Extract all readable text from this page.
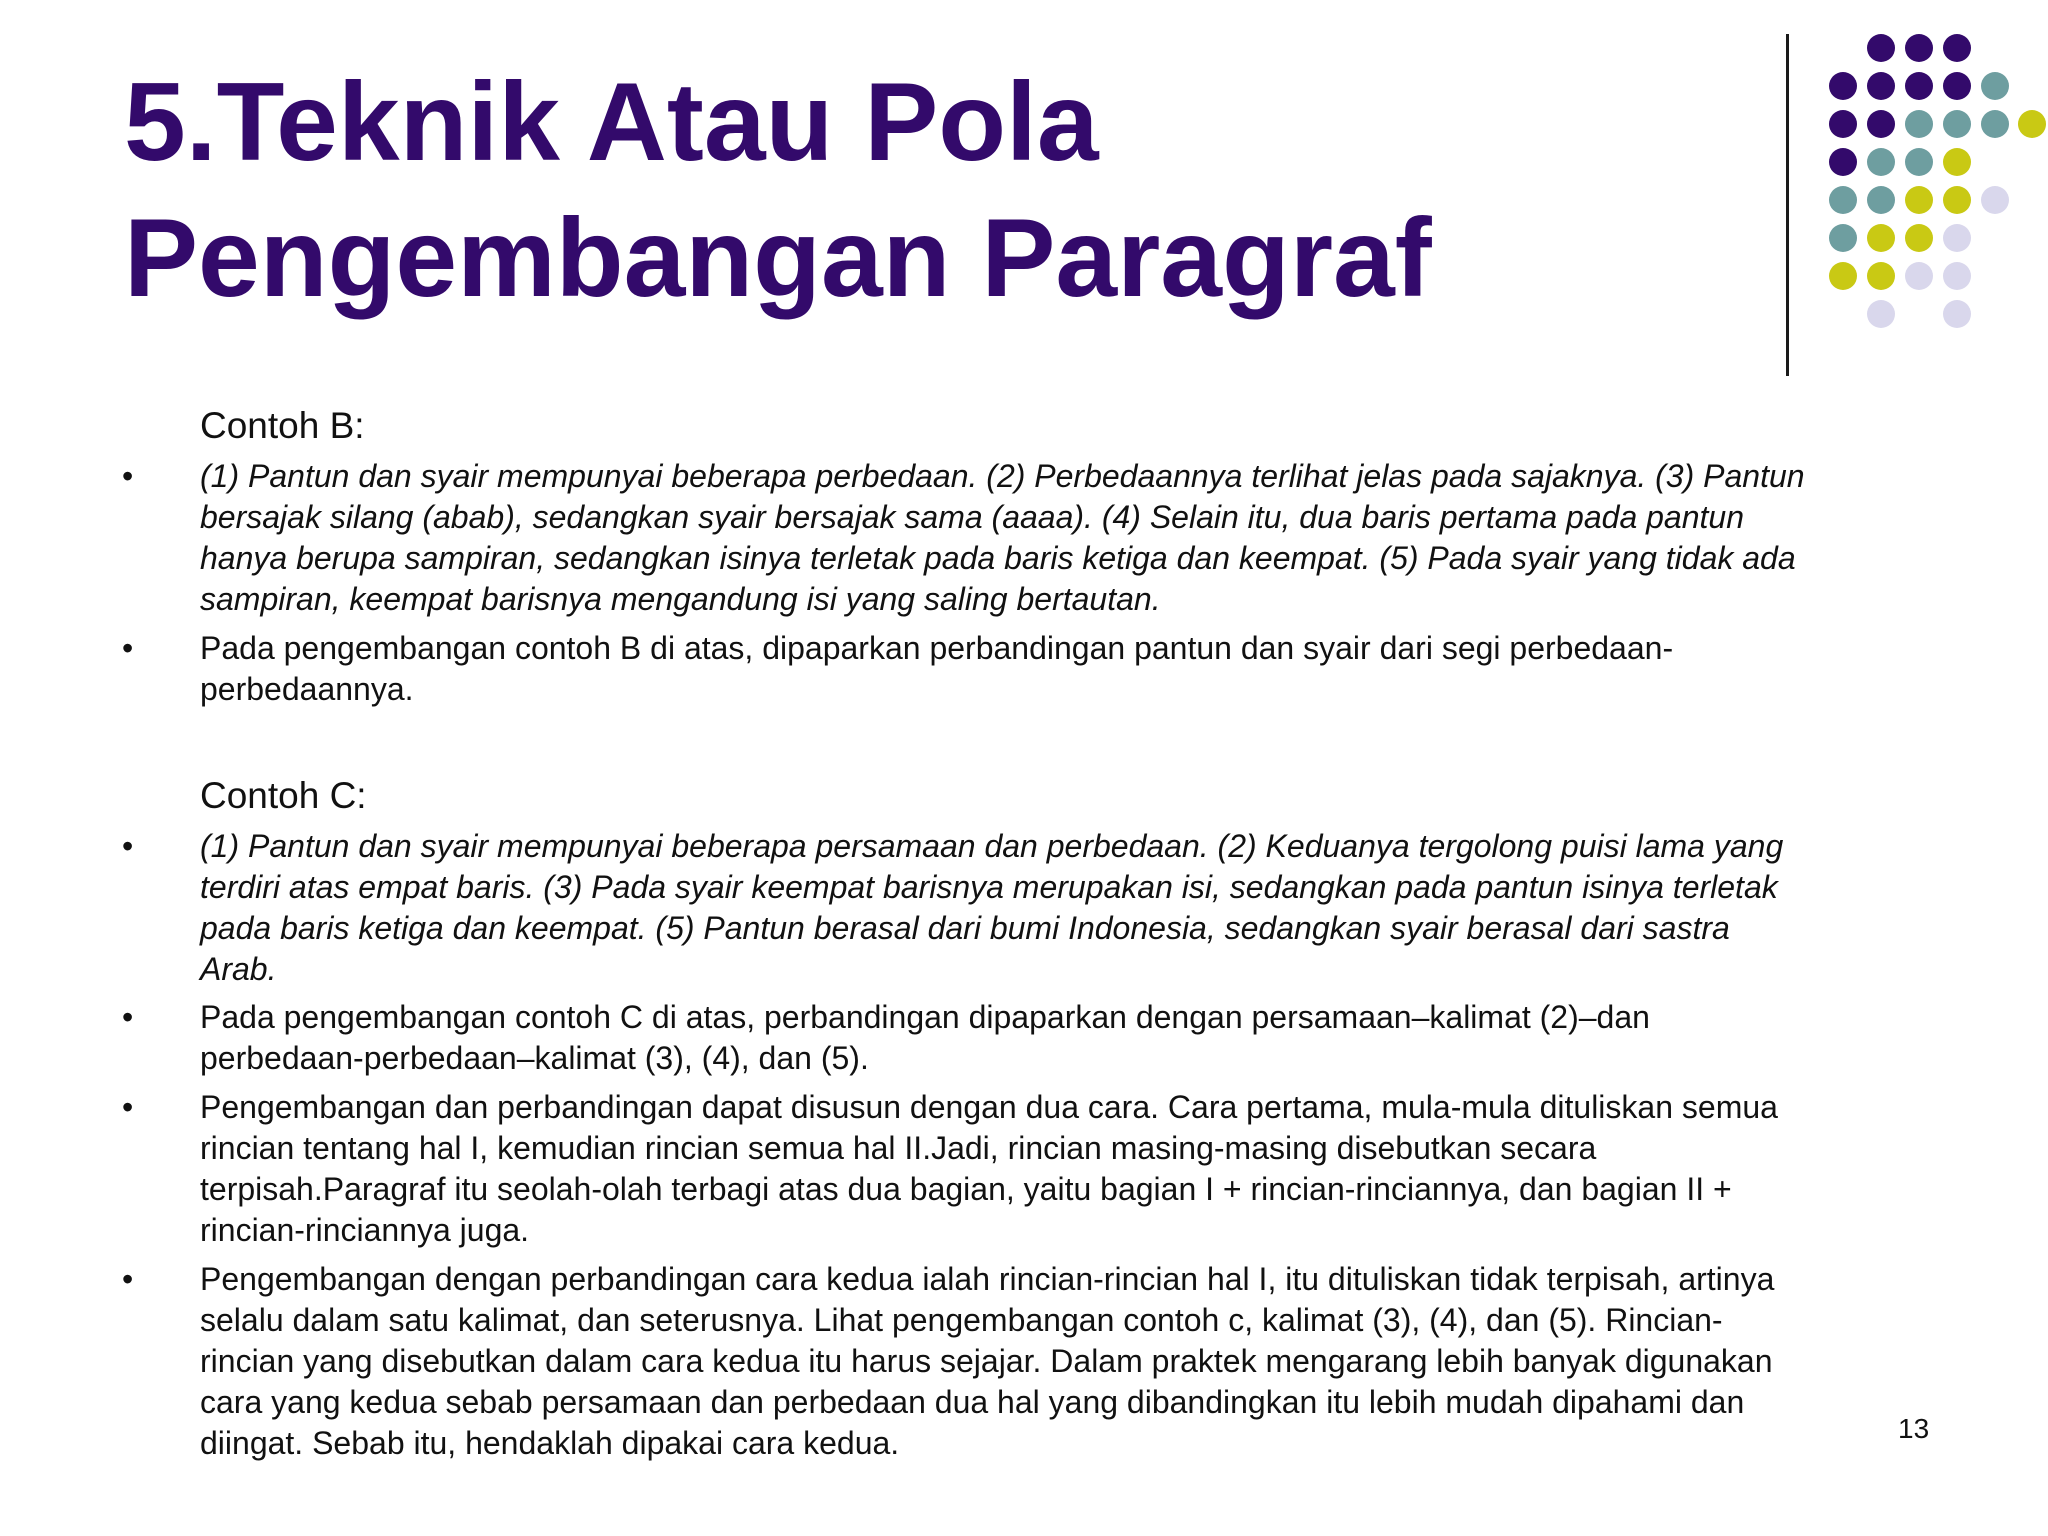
5.Teknik Atau Pola
Pengembangan Paragraf
Contoh B:
• (1) Pantun dan syair mempunyai beberapa perbedaan. (2) Perbedaannya terlihat jelas pada sajaknya. (3) Pantun
bersajak silang (abab), sedangkan syair bersajak sama (aaaa). (4) Selain itu, dua baris pertama pada pantun
hanya berupa sampiran, sedangkan isinya terletak pada baris ketiga dan keempat. (5) Pada syair yang tidak ada
sampiran, keempat barisnya mengandung isi yang saling bertautan.
• Pada pengembangan contoh B di atas, dipaparkan perbandingan pantun dan syair dari segi perbedaan-
perbedaannya.
Contoh C:
• (1) Pantun dan syair mempunyai beberapa persamaan dan perbedaan. (2) Keduanya tergolong puisi lama yang
terdiri atas empat baris. (3) Pada syair keempat barisnya merupakan isi, sedangkan pada pantun isinya terletak
pada baris ketiga dan keempat. (5) Pantun berasal dari bumi Indonesia, sedangkan syair berasal dari sastra
Arab.
• Pada pengembangan contoh C di atas, perbandingan dipaparkan dengan persamaan–kalimat (2)–dan
perbedaan-perbedaan–kalimat (3), (4), dan (5).
• Pengembangan dan perbandingan dapat disusun dengan dua cara. Cara pertama, mula-mula dituliskan semua
rincian tentang hal I, kemudian rincian semua hal II.Jadi, rincian masing-masing disebutkan secara
terpisah.Paragraf itu seolah-olah terbagi atas dua bagian, yaitu bagian I + rincian-rinciannya, dan bagian II +
rincian-rinciannya juga.
• Pengembangan dengan perbandingan cara kedua ialah rincian-rincian hal I, itu dituliskan tidak terpisah, artinya
selalu dalam satu kalimat, dan seterusnya. Lihat pengembangan contoh c, kalimat (3), (4), dan (5). Rincian-
rincian yang disebutkan dalam cara kedua itu harus sejajar. Dalam praktek mengarang lebih banyak digunakan
cara yang kedua sebab persamaan dan perbedaan dua hal yang dibandingkan itu lebih mudah dipahami dan
diingat. Sebab itu, hendaklah dipakai cara kedua.	13
